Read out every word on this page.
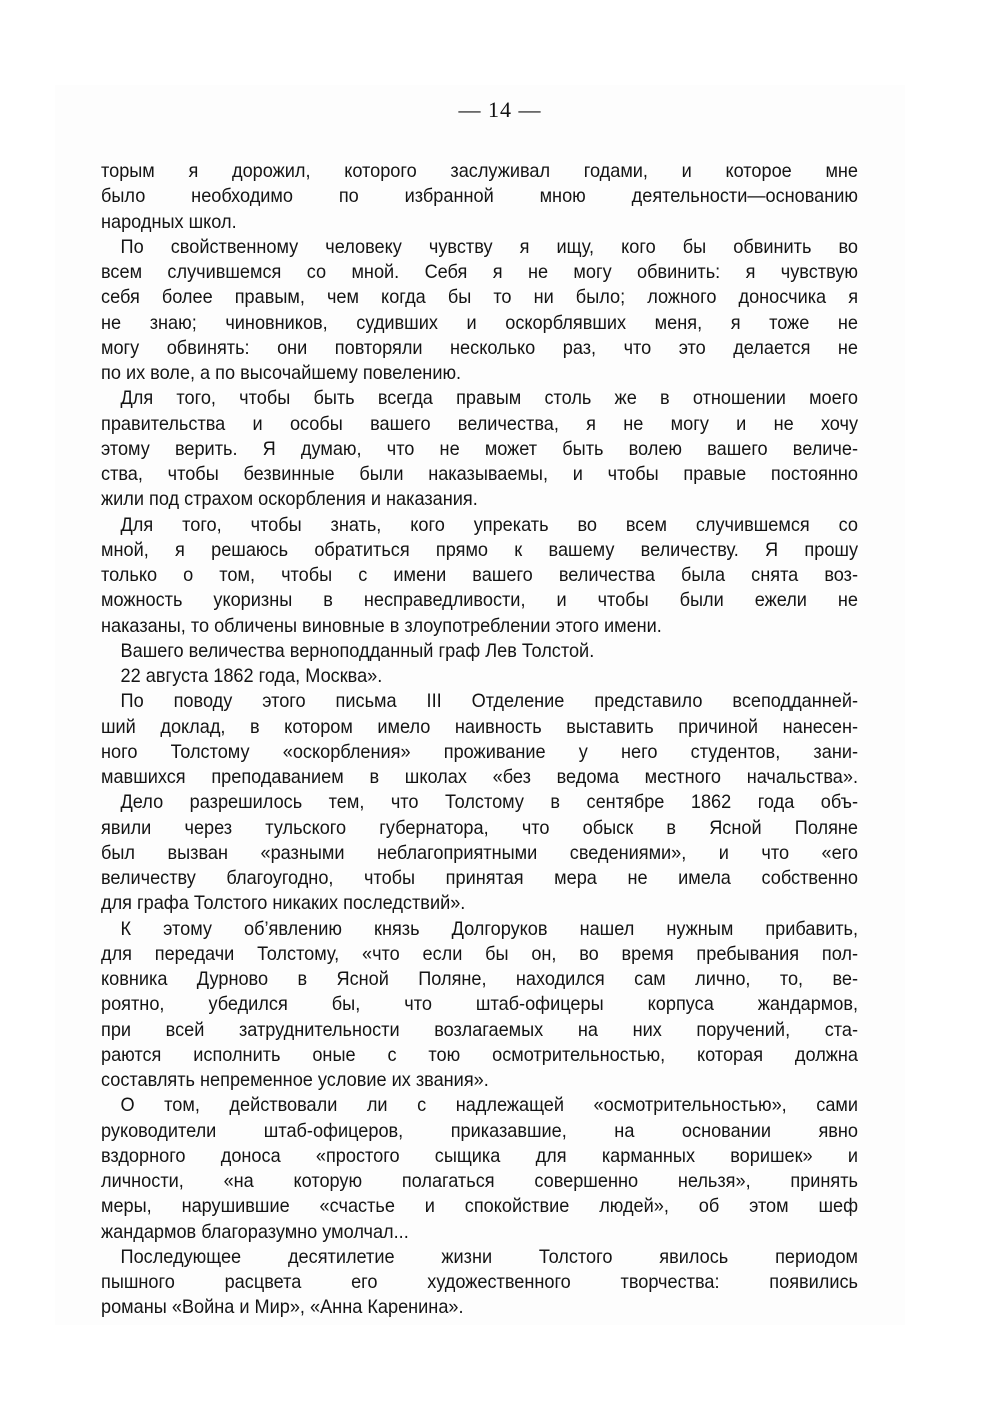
— 14 —
торым я дорожил, которого заслуживал годами, и которое мне
было необходимо по избранной мною деятельности—основанию
народных школ.
По свойственному человеку чувству я ищу, кого бы обвинить во
всем случившемся со мной. Себя я не могу обвинить: я чувствую
себя более правым, чем когда бы то ни было; ложного доносчика я
не знаю; чиновников, судивших и оскорблявших меня, я тоже не
могу обвинять: они повторяли несколько раз, что это делается не
по их воле, а по высочайшему повелению.
Для того, чтобы быть всегда правым столь же в отношении моего
правительства и особы вашего величества, я не могу и не хочу
этому верить. Я думаю, что не может быть волею вашего величе-
ства, чтобы безвинные были наказываемы, и чтобы правые постоянно
жили под страхом оскорбления и наказания.
Для того, чтобы знать, кого упрекать во всем случившемся со
мной, я решаюсь обратиться прямо к вашему величеству. Я прошу
только о том, чтобы с имени вашего величества была снята воз-
можность укоризны в несправедливости, и чтобы были ежели не
наказаны, то обличены виновные в злоупотреблении этого имени.
Вашего величества верноподданный граф Лев Толстой.
22 августа 1862 года, Москва».
По поводу этого письма III Отделение представило всеподданней-
ший доклад, в котором имело наивность выставить причиной нанесен-
ного Толстому «оскорбления» проживание у него студентов, зани-
мавшихся преподаванием в школах «без ведома местного начальства».
Дело разрешилось тем, что Толстому в сентябре 1862 года объ-
явили через тульского губернатора, что обыск в Ясной Поляне
был вызван «разными неблагоприятными сведениями», и что «его
величеству благоугодно, чтобы принятая мера не имела собственно
для графа Толстого никаких последствий».
К этому об’явлению князь Долгоруков нашел нужным прибавить,
для передачи Толстому, «что если бы он, во время пребывания пол-
ковника Дурново в Ясной Поляне, находился сам лично, то, ве-
роятно, убедился бы, что штаб-офицеры корпуса жандармов,
при всей затруднительности возлагаемых на них поручений, ста-
раются исполнить оные с тою осмотрительностью, которая должна
составлять непременное условие их звания».
О том, действовали ли с надлежащей «осмотрительностью», сами
руководители штаб-офицеров, приказавшие, на основании явно
вздорного доноса «простого сыщика для карманных воришек» и
личности, «на которую полагаться совершенно нельзя», принять
меры, нарушившие «счастье и спокойствие людей», об этом шеф
жандармов благоразумно умолчал...
Последующее десятилетие жизни Толстого явилось периодом
пышного расцвета его художественного творчества: появились
романы «Война и Мир», «Анна Каренина».
